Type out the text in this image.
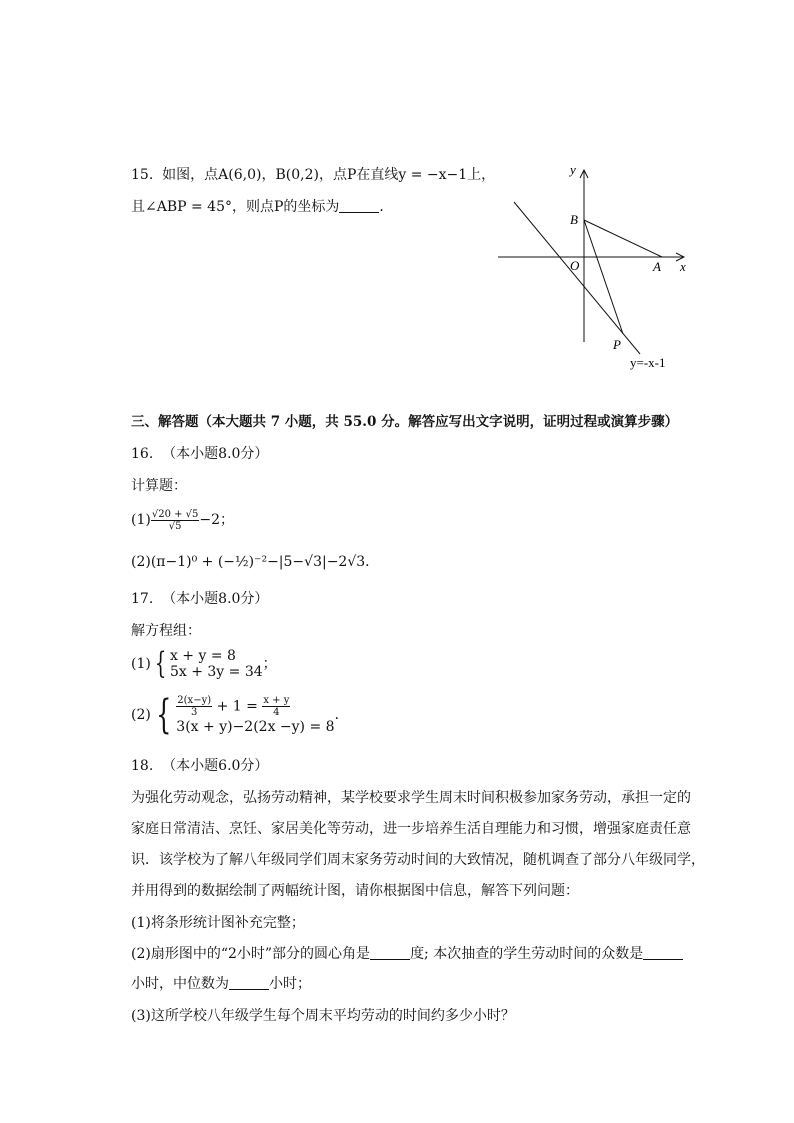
15. 如图，点A(6,0)，B(0,2)，点P在直线y = −x−1上，
且∠ABP = 45°，则点P的坐标为	．
y
x
O	A
B
P
y=-x-1
三、解答题（本大题共 7 小题，共 55.0 分。解答应写出文字说明，证明过程或演算步骤）
16. （本小题8.0分）
计算题：
$(1) \frac{√20 + √5}{√5} -2$；
(2)(π−1)⁰ + (−½)⁻²−|5−√3|−2√3．
17. （本小题8.0分）
解方程组：
(1) { x + y = 8
5x + 3y = 34 ；
(2) { $\frac{2(x-y)}{3} + 1 = \frac{x + y}{4}$
3(x + y)−2(2x −y) = 8
．
18. （本小题6.0分）
为强化劳动观念，弘扬劳动精神，某学校要求学生周末时间积极参加家务劳动，承担一定的
家庭日常清洁、烹饪、家居美化等劳动，进一步培养生活自理能力和习惯，增强家庭责任意
识．该学校为了解八年级同学们周末家务劳动时间的大致情况，随机调查了部分八年级同学，
并用得到的数据绘制了两幅统计图，请你根据图中信息，解答下列问题：
(1)将条形统计图补充完整；
(2)扇形图中的“2小时”部分的圆心角是	度; 本次抽查的学生劳动时间的众数是
小时，中位数为	小时；
(3)这所学校八年级学生每个周末平均劳动的时间约多少小时？
